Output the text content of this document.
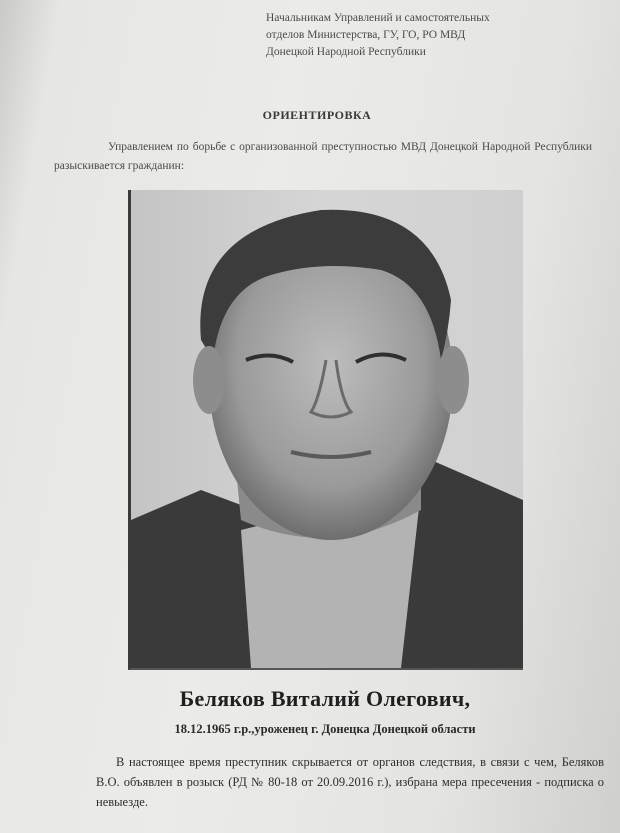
Начальникам Управлений и самостоятельных
отделов Министерства, ГУ, ГО, РО МВД
Донецкой Народной Республики
ОРИЕНТИРОВКА
Управлением по борьбе с организованной преступностью МВД Донецкой Народной Республики разыскивается гражданин:
Беляков Виталий Олегович,
18.12.1965 г.р.,уроженец г. Донецка Донецкой области
В настоящее время преступник скрывается от органов следствия, в связи с чем, Беляков В.О. объявлен в розыск (РД № 80-18 от 20.09.2016 г.), избрана мера пресечения - подписка о невыезде.
